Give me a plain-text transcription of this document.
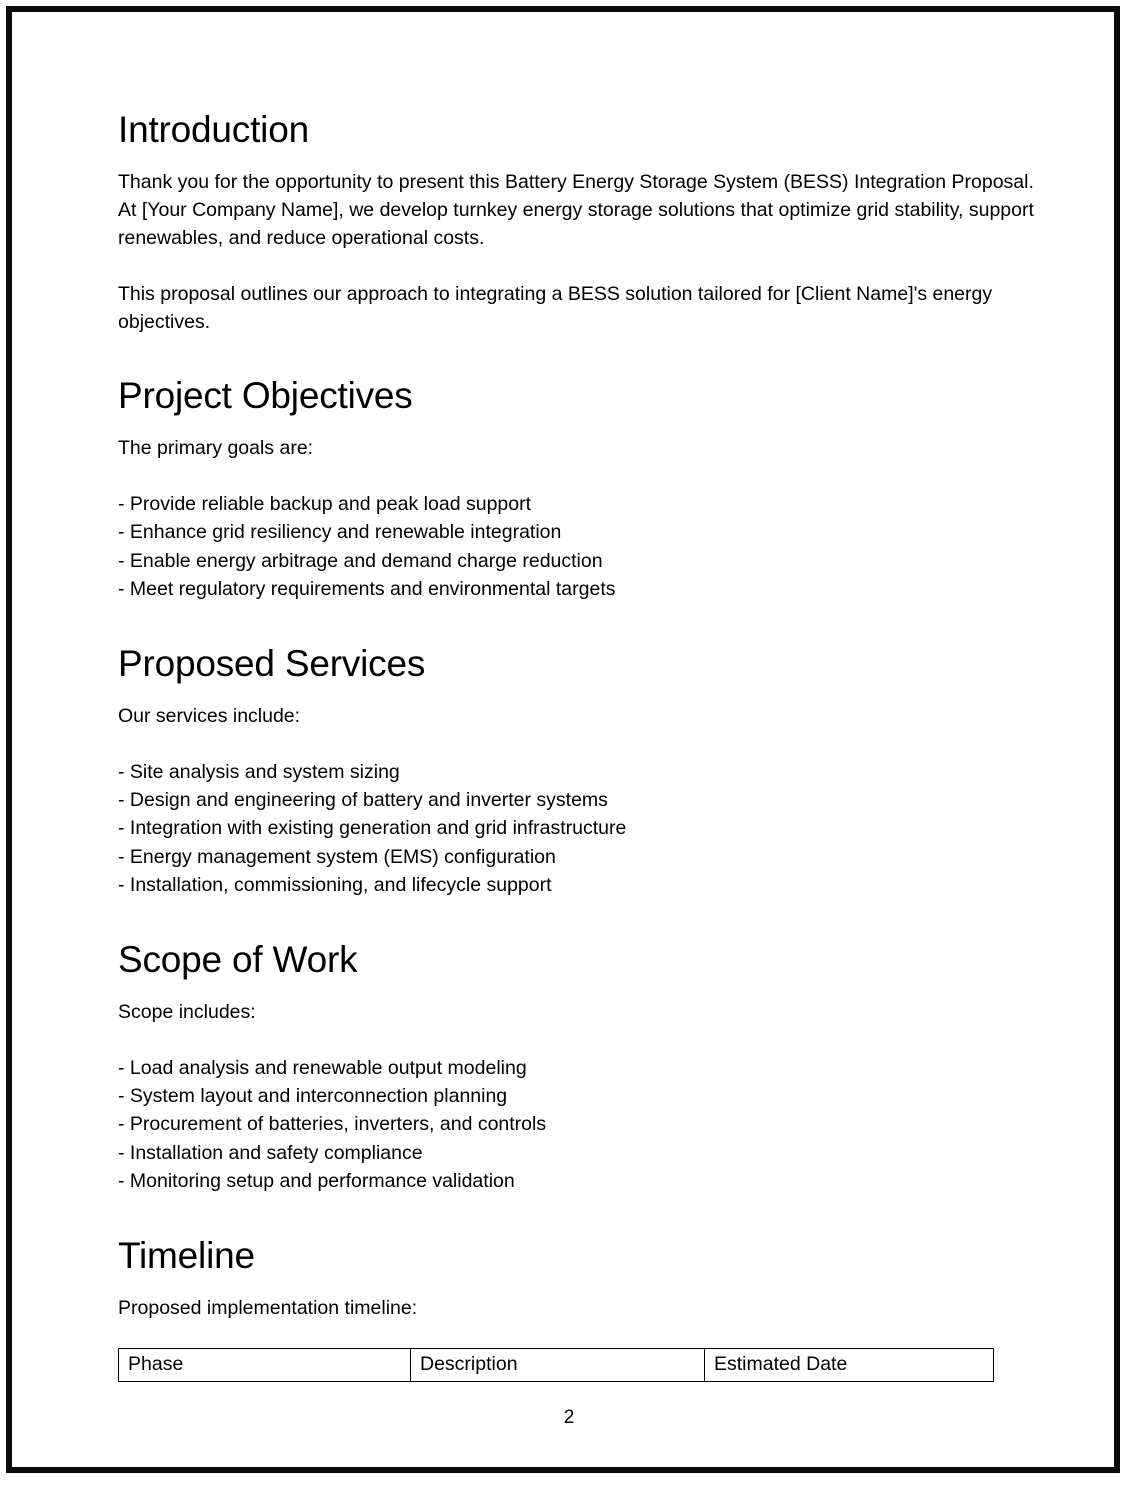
Introduction

Thank you for the opportunity to present this Battery Energy Storage System (BESS) Integration Proposal. At [Your Company Name], we develop turnkey energy storage solutions that optimize grid stability, support renewables, and reduce operational costs.

This proposal outlines our approach to integrating a BESS solution tailored for [Client Name]'s energy objectives.

Project Objectives

The primary goals are:

- Provide reliable backup and peak load support
- Enhance grid resiliency and renewable integration
- Enable energy arbitrage and demand charge reduction
- Meet regulatory requirements and environmental targets
Proposed Services

Our services include:

- Site analysis and system sizing
- Design and engineering of battery and inverter systems
- Integration with existing generation and grid infrastructure
- Energy management system (EMS) configuration
- Installation, commissioning, and lifecycle support
Scope of Work

Scope includes:

- Load analysis and renewable output modeling
- System layout and interconnection planning
- Procurement of batteries, inverters, and controls
- Installation and safety compliance
- Monitoring setup and performance validation
Timeline

Proposed implementation timeline:

Phase	Description	Estimated Date
2
